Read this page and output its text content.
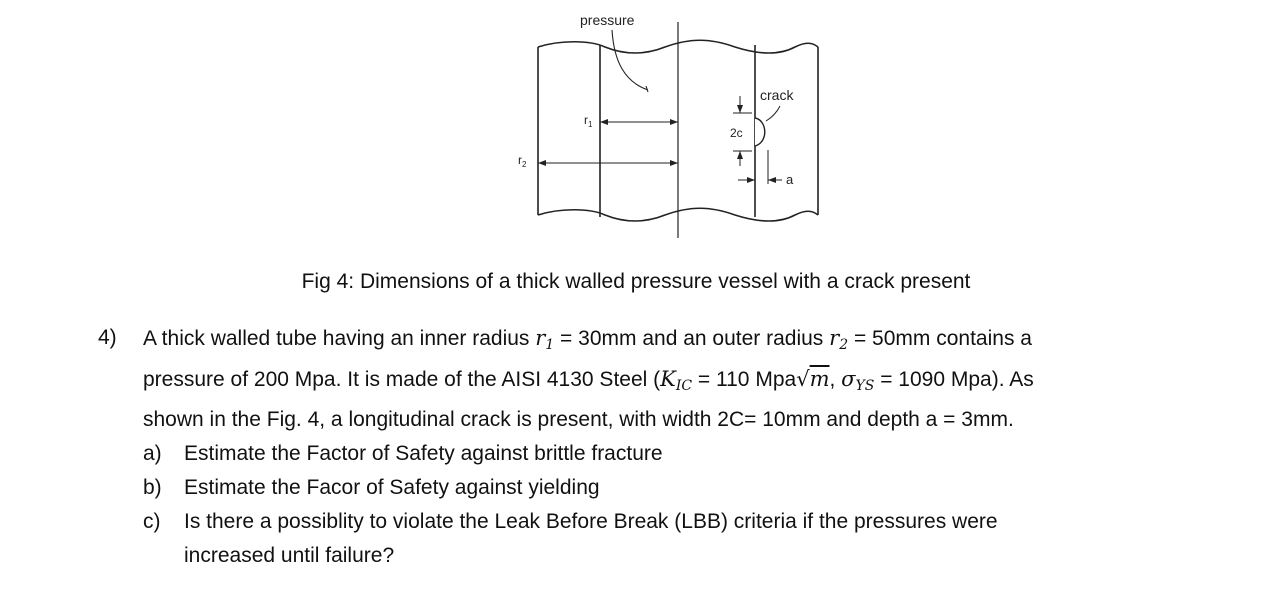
pressure
$r_1$
$r_2$
2c
crack
a
Fig 4: Dimensions of a thick walled pressure vessel with a crack present
4) A thick walled tube having an inner radius $r_1 = 30mm$ and an outer radius $r_2 = 50mm$ contains a
pressure of 200 Mpa. It is made of the AISI 4130 Steel ($K_{IC} = 110$ Mpa√m, $\sigma_{YS} = 1090$ Mpa). As
shown in the Fig. 4, a longitudinal crack is present, with width 2C= 10mm and depth a = 3mm.
a) Estimate the Factor of Safety against brittle fracture
b) Estimate the Facor of Safety against yielding
c) Is there a possiblity to violate the Leak Before Break (LBB) criteria if the pressures were
increased until failure?
